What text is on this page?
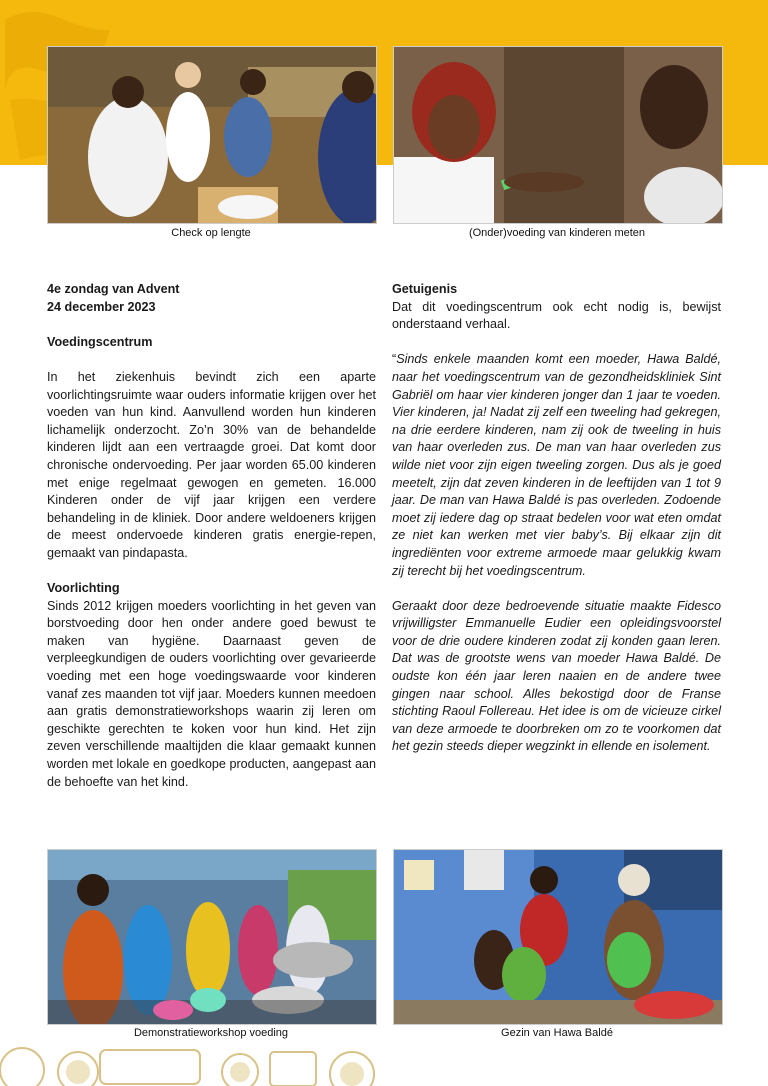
Check op lengte	(Onder)voeding van kinderen meten

4e zondag van Advent

24 december 2023

Voedingscentrum

In het ziekenhuis bevindt zich een aparte voorlichtingsruimte waar ouders informatie krijgen over het voeden van hun kind. Aanvullend worden hun kinderen lichamelijk onderzocht. Zo’n 30% van de behandelde kinderen lijdt aan een vertraagde groei. Dat komt door chronische ondervoeding. Per jaar worden 65.00 kinderen met enige regelmaat gewogen en gemeten. 16.000 Kinderen onder de vijf jaar krijgen een verdere behandeling in de kliniek. Door andere weldoeners krijgen de meest ondervoede kinderen gratis energie-repen, gemaakt van pindapasta.

Voorlichting

Sinds 2012 krijgen moeders voorlichting in het geven van borstvoeding door hen onder andere goed bewust te maken van hygiëne. Daarnaast geven de verpleegkundigen de ouders voorlichting over gevarieerde voeding met een hoge voedingswaarde voor kinderen vanaf zes maanden tot vijf jaar. Moeders kunnen meedoen aan gratis demonstratieworkshops waarin zij leren om geschikte gerechten te koken voor hun kind. Het zijn zeven verschillende maaltijden die klaar gemaakt kunnen worden met lokale en goedkope producten, aangepast aan de behoefte van het kind.

Getuigenis

Dat dit voedingscentrum ook echt nodig is, bewijst onderstaand verhaal.

“Sinds enkele maanden komt een moeder, Hawa Baldé, naar het voedingscentrum van de gezondheidskliniek Sint Gabriël om haar vier kinderen jonger dan 1 jaar te voeden. Vier kinderen, ja! Nadat zij zelf een tweeling had gekregen, na drie eerdere kinderen, nam zij ook de tweeling in huis van haar overleden zus. De man van haar overleden zus wilde niet voor zijn eigen tweeling zorgen. Dus als je goed meetelt, zijn dat zeven kinderen in de leeftijden van 1 tot 9 jaar. De man van Hawa Baldé is pas overleden. Zodoende moet zij iedere dag op straat bedelen voor wat eten omdat ze niet kan werken met vier baby’s. Bij elkaar zijn dit ingrediënten voor extreme armoede maar gelukkig kwam zij terecht bij het voedingscentrum.

Geraakt door deze bedroevende situatie maakte Fidesco vrijwilligster Emmanuelle Eudier een opleidingsvoorstel voor de drie oudere kinderen zodat zij konden gaan leren. Dat was de grootste wens van moeder Hawa Baldé. De oudste kon één jaar leren naaien en de andere twee gingen naar school. Alles bekostigd door de Franse stichting Raoul Follereau. Het idee is om de vicieuze cirkel van deze armoede te doorbreken om zo te voorkomen dat het gezin steeds dieper wegzinkt in ellende en isolement.

Demonstratieworkshop voeding	Gezin van Hawa Baldé
